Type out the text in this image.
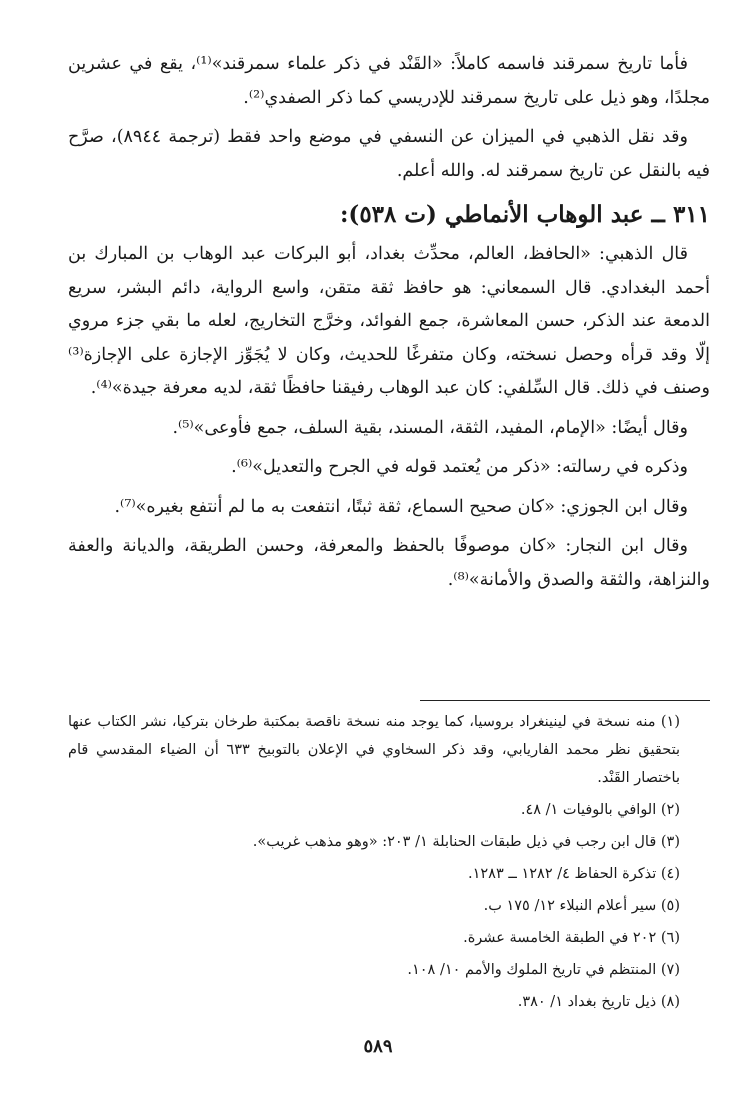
فأما تاريخ سمرقند فاسمه كاملاً: «القَنْد في ذكر علماء سمرقند»⁽¹⁾، يقع في عشرين مجلدًا، وهو ذيل على تاريخ سمرقند للإدريسي كما ذكر الصفدي⁽²⁾.

وقد نقل الذهبي في الميزان عن النسفي في موضع واحد فقط (ترجمة ٨٩٤٤)، صرَّح فيه بالنقل عن تاريخ سمرقند له. والله أعلم.

٣١١ ــ عبد الوهاب الأنماطي (ت ٥٣٨):

قال الذهبي: «الحافظ، العالم، محدِّث بغداد، أبو البركات عبد الوهاب بن المبارك بن أحمد البغدادي. قال السمعاني: هو حافظ ثقة متقن، واسع الرواية، دائم البشر، سريع الدمعة عند الذكر، حسن المعاشرة، جمع الفوائد، وخرَّج التخاريج، لعله ما بقي جزء مروي إلّا وقد قرأه وحصل نسخته، وكان متفرغًا للحديث، وكان لا يُجَوِّز الإجازة على الإجازة⁽³⁾ وصنف في ذلك. قال السِّلفي: كان عبد الوهاب رفيقنا حافظًا ثقة، لديه معرفة جيدة»⁽⁴⁾.

وقال أيضًا: «الإمام، المفيد، الثقة، المسند، بقية السلف، جمع فأوعى»⁽⁵⁾.

وذكره في رسالته: «ذكر من يُعتمد قوله في الجرح والتعديل»⁽⁶⁾.

وقال ابن الجوزي: «كان صحيح السماع، ثقة ثبتًا، انتفعت به ما لم أنتفع بغيره»⁽⁷⁾.

وقال ابن النجار: «كان موصوفًا بالحفظ والمعرفة، وحسن الطريقة، والديانة والعفة والنزاهة، والثقة والصدق والأمانة»⁽⁸⁾.

(١) منه نسخة في لينينغراد بروسيا، كما يوجد منه نسخة ناقصة بمكتبة طرخان بتركيا، نشر الكتاب عنها بتحقيق نظر محمد الفاريابي، وقد ذكر السخاوي في الإعلان بالتوبيخ ٦٣٣ أن الضياء المقدسي قام باختصار القَنْد.

(٢) الوافي بالوفيات ١/ ٤٨.

(٣) قال ابن رجب في ذيل طبقات الحنابلة ١/ ٢٠٣: «وهو مذهب غريب».

(٤) تذكرة الحفاظ ٤/ ١٢٨٢ ــ ١٢٨٣.

(٥) سير أعلام النبلاء ١٢/ ١٧٥ ب.

(٦) ٢٠٢ في الطبقة الخامسة عشرة.

(٧) المنتظم في تاريخ الملوك والأمم ١٠/ ١٠٨.

(٨) ذيل تاريخ بغداد ١/ ٣٨٠.

٥٨٩
